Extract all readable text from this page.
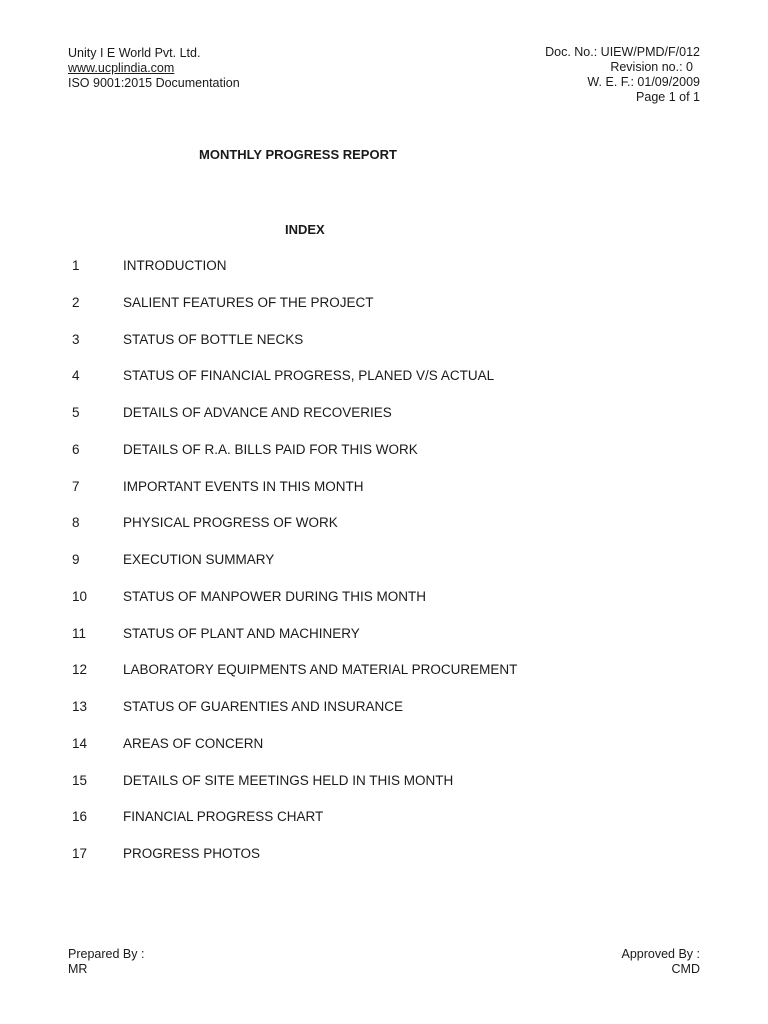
Unity I E World Pvt. Ltd.
www.ucplindia.com
ISO 9001:2015 Documentation
Doc. No.: UIEW/PMD/F/012
Revision no.: 0
W. E. F.: 01/09/2009
Page 1 of 1
MONTHLY PROGRESS REPORT
INDEX
1	INTRODUCTION
2	SALIENT FEATURES OF THE PROJECT
3	STATUS OF BOTTLE NECKS
4	STATUS OF FINANCIAL PROGRESS, PLANED V/S ACTUAL
5	DETAILS OF ADVANCE AND RECOVERIES
6	DETAILS OF R.A. BILLS PAID FOR THIS WORK
7	IMPORTANT EVENTS IN THIS MONTH
8	PHYSICAL PROGRESS OF WORK
9	EXECUTION SUMMARY
10	STATUS OF MANPOWER DURING THIS MONTH
11	STATUS OF PLANT AND MACHINERY
12	LABORATORY EQUIPMENTS AND MATERIAL PROCUREMENT
13	STATUS OF GUARENTIES AND INSURANCE
14	AREAS OF CONCERN
15	DETAILS OF SITE MEETINGS HELD IN THIS MONTH
16	FINANCIAL PROGRESS CHART
17	PROGRESS PHOTOS
Prepared By :
MR
Approved By :
CMD
